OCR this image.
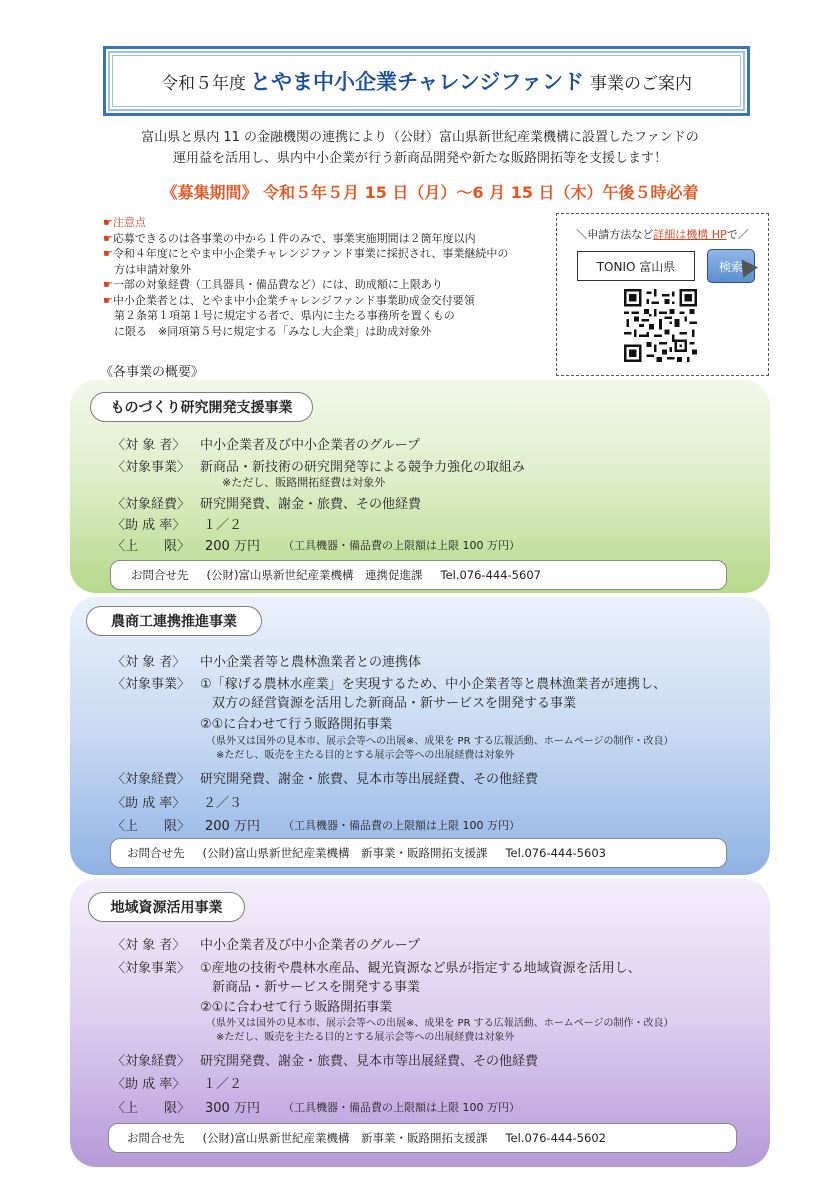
令和５年度 とやま中小企業チャレンジファンド 事業のご案内
富山県と県内 11 の金融機関の連携により（公財）富山県新世紀産業機構に設置したファンドの
運用益を活用し、県内中小企業が行う新商品開発や新たな販路開拓等を支援します！
《募集期間》 令和５年５月 15 日（月）～6 月 15 日（木）午後５時必着
☛注意点
☛応募できるのは各事業の中から１件のみで、事業実施期間は２箇年度以内
☛令和４年度にとやま中小企業チャレンジファンド事業に採択され、事業継続中の
方は申請対象外
☛一部の対象経費（工具器具・備品費など）には、助成額に上限あり
☛中小企業者とは、とやま中小企業チャレンジファンド事業助成金交付要領
第２条第１項第１号に規定する者で、県内に主たる事務所を置くもの
に限る　※同項第５号に規定する「みなし大企業」は助成対象外
＼申請方法など詳細は機構 HPで／
TONIO 富山県	検索
《各事業の概要》
ものづくり研究開発支援事業
〈対 象 者〉 中小企業者及び中小企業者のグループ
〈対象事業〉 新商品・新技術の研究開発等による競争力強化の取組み
※ただし、販路開拓経費は対象外
〈対象経費〉 研究開発費、謝金・旅費、その他経費
〈助 成 率〉 １／２
〈上　　限〉 200 万円 （工具機器・備品費の上限額は上限 100 万円）
お問合せ先 (公財)富山県新世紀産業機構　連携促進課 Tel.076-444-5607
農商工連携推進事業
〈対 象 者〉 中小企業者等と農林漁業者との連携体
〈対象事業〉 ①「稼げる農林水産業」を実現するため、中小企業者等と農林漁業者が連携し、
双方の経営資源を活用した新商品・新サービスを開発する事業
②①に合わせて行う販路開拓事業
（県外又は国外の見本市、展示会等への出展※、成果を PR する広報活動、ホームページの制作・改良）
※ただし、販売を主たる目的とする展示会等への出展経費は対象外
〈対象経費〉 研究開発費、謝金・旅費、見本市等出展経費、その他経費
〈助 成 率〉 ２／３
〈上　　限〉 200 万円 （工具機器・備品費の上限額は上限 100 万円）
お問合せ先 (公財)富山県新世紀産業機構　新事業・販路開拓支援課 Tel.076-444-5603
地域資源活用事業
〈対 象 者〉 中小企業者及び中小企業者のグループ
〈対象事業〉 ①産地の技術や農林水産品、観光資源など県が指定する地域資源を活用し、
新商品・新サービスを開発する事業
②①に合わせて行う販路開拓事業
（県外又は国外の見本市、展示会等への出展※、成果を PR する広報活動、ホームページの制作・改良）
※ただし、販売を主たる目的とする展示会等への出展経費は対象外
〈対象経費〉 研究開発費、謝金・旅費、見本市等出展経費、その他経費
〈助 成 率〉 １／２
〈上　　限〉 300 万円 （工具機器・備品費の上限額は上限 100 万円）
お問合せ先 (公財)富山県新世紀産業機構　新事業・販路開拓支援課 Tel.076-444-5602
